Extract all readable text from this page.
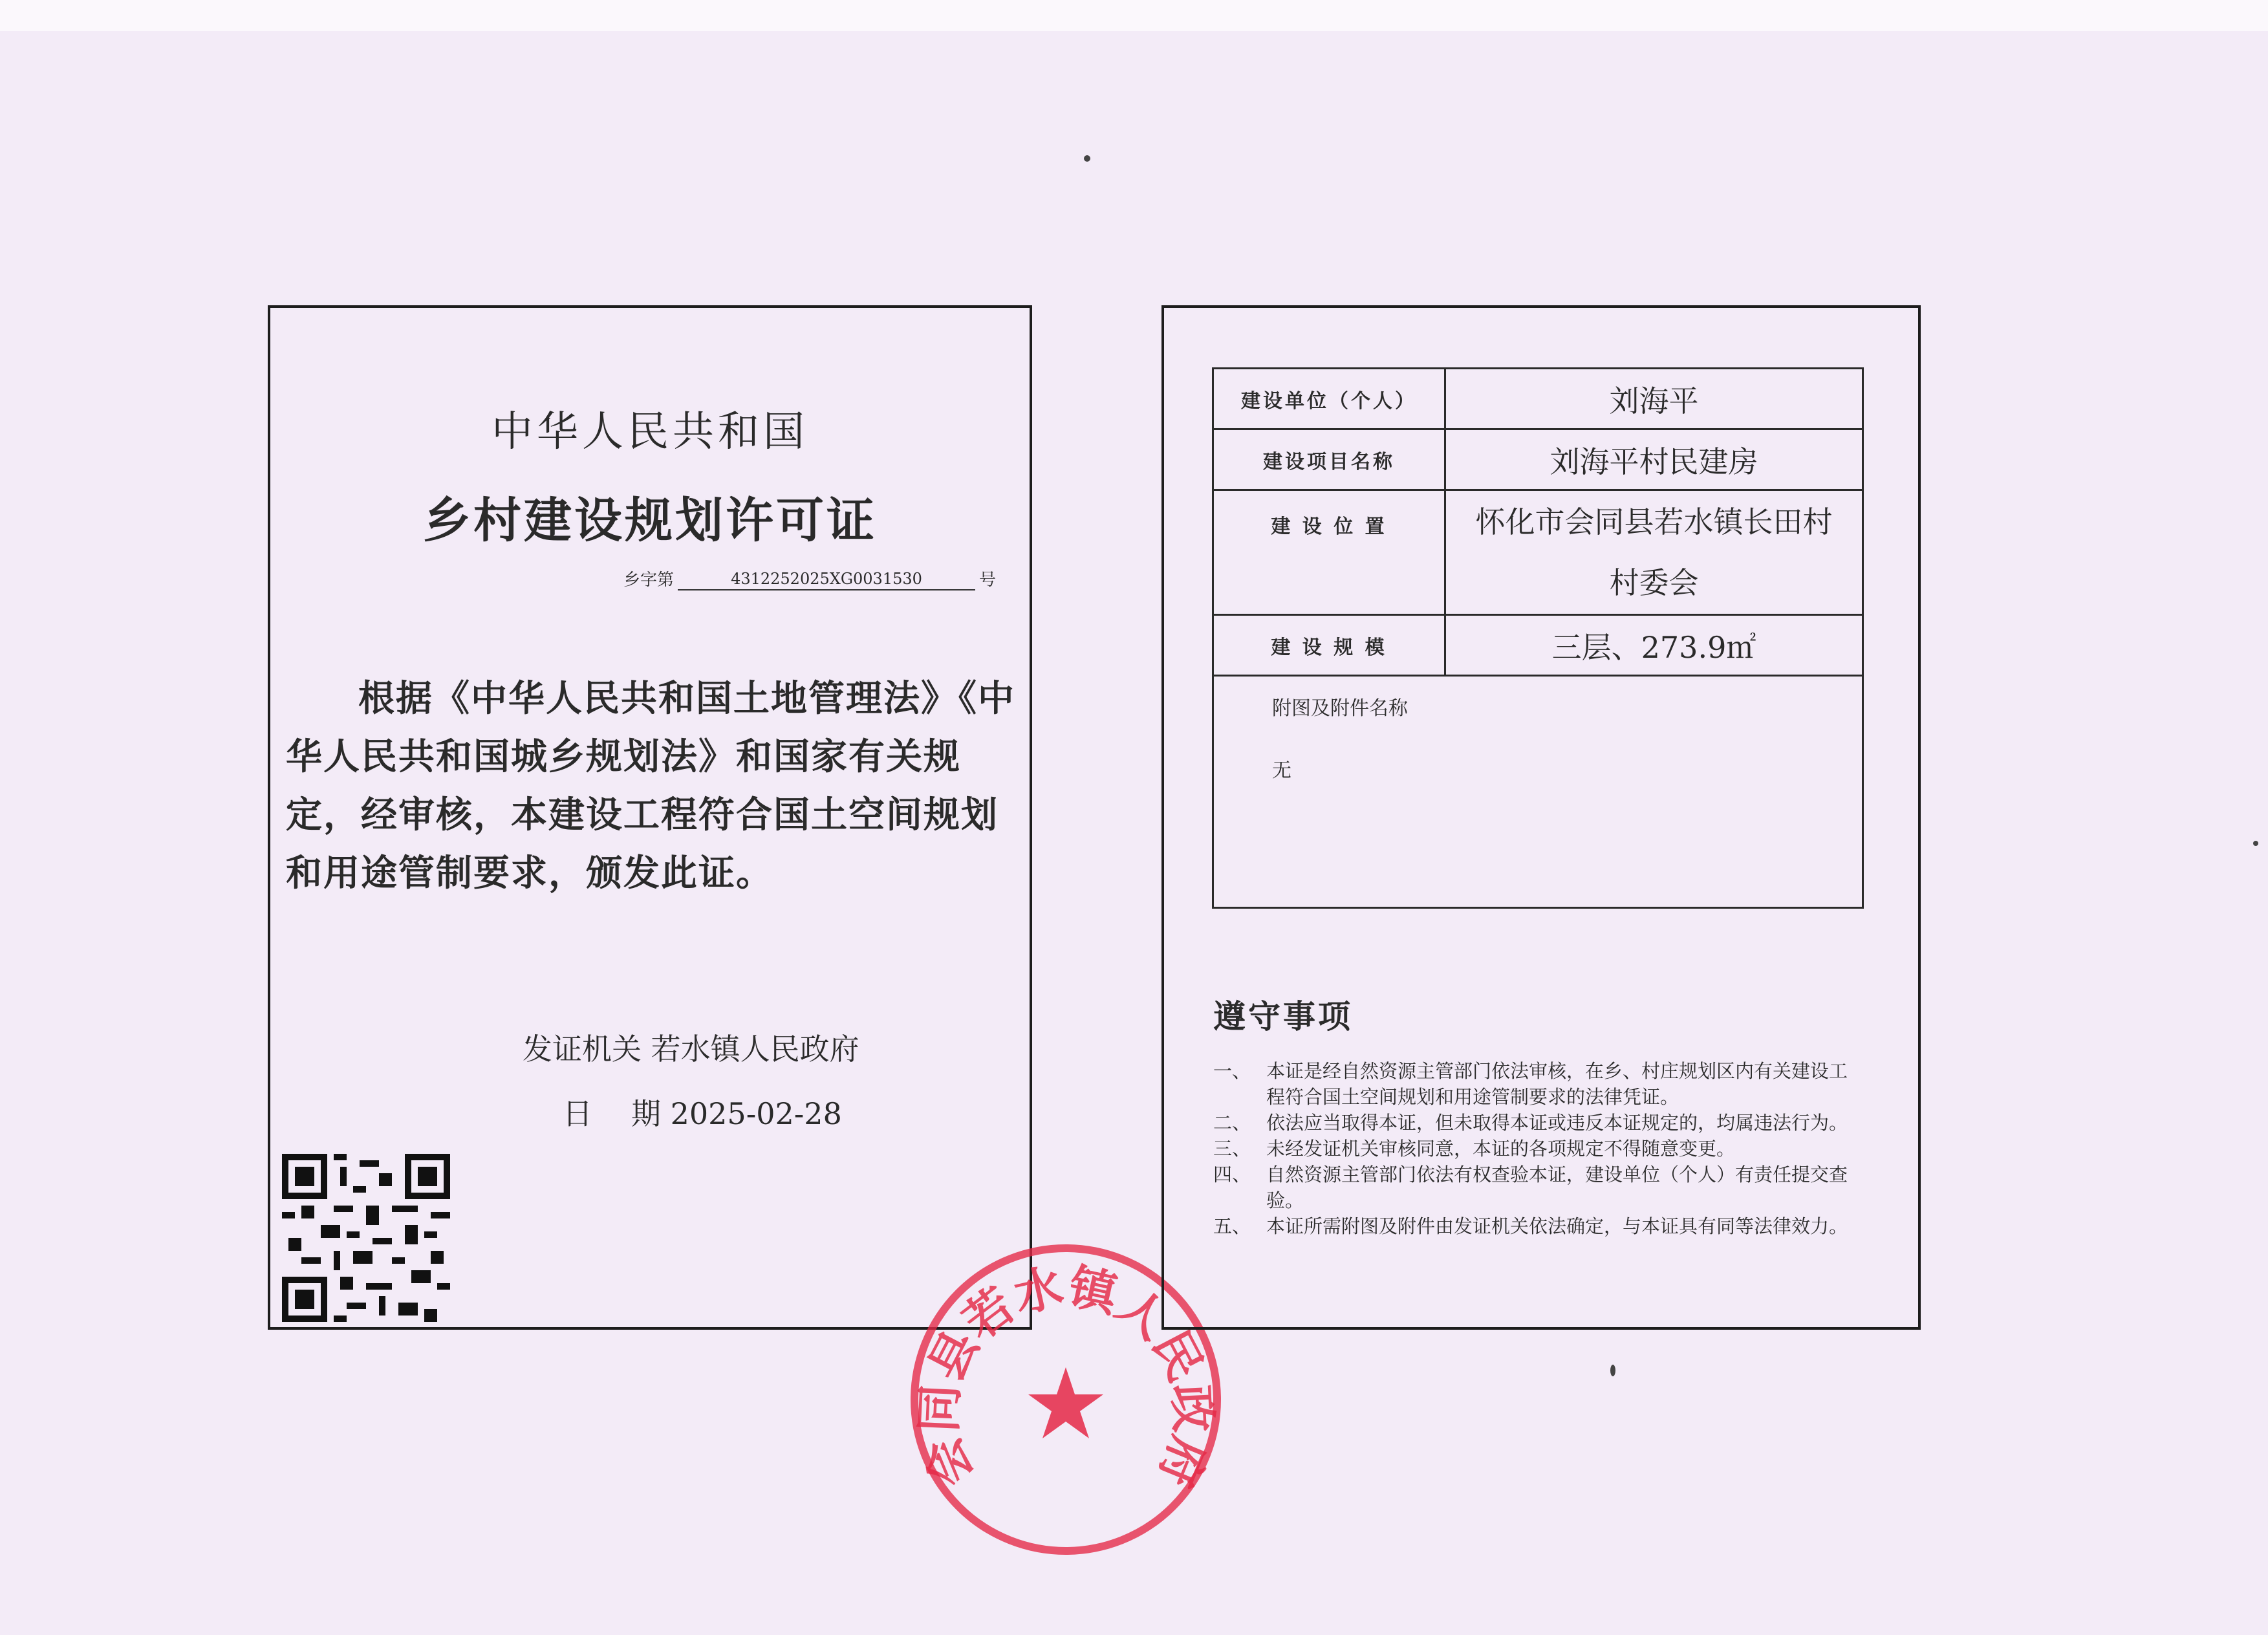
中华人民共和国
乡村建设规划许可证
乡字第	4312252025XG0031530	号
根据《中华人民共和国土地管理法》《中华人民共和国城乡规划法》和国家有关规定，经审核，本建设工程符合国土空间规划和用途管制要求，颁发此证。
发证机关 若水镇人民政府
日 期 2025-02-28
会同县若水镇人民政府
建设单位（个人）	刘海平
建设项目名称	刘海平村民建房
建 设 位 置	怀化市会同县若水镇长田村
村委会

建 设 规 模	三层、273.9㎡

附图及附件名称
无	
遵守事项
一、 本证是经自然资源主管部门依法审核，在乡、村庄规划区内有关建设工程符合国土空间规划和用途管制要求的法律凭证。
二、 依法应当取得本证，但未取得本证或违反本证规定的，均属违法行为。
三、 未经发证机关审核同意，本证的各项规定不得随意变更。
四、 自然资源主管部门依法有权查验本证，建设单位（个人）有责任提交查验。
五、 本证所需附图及附件由发证机关依法确定，与本证具有同等法律效力。
